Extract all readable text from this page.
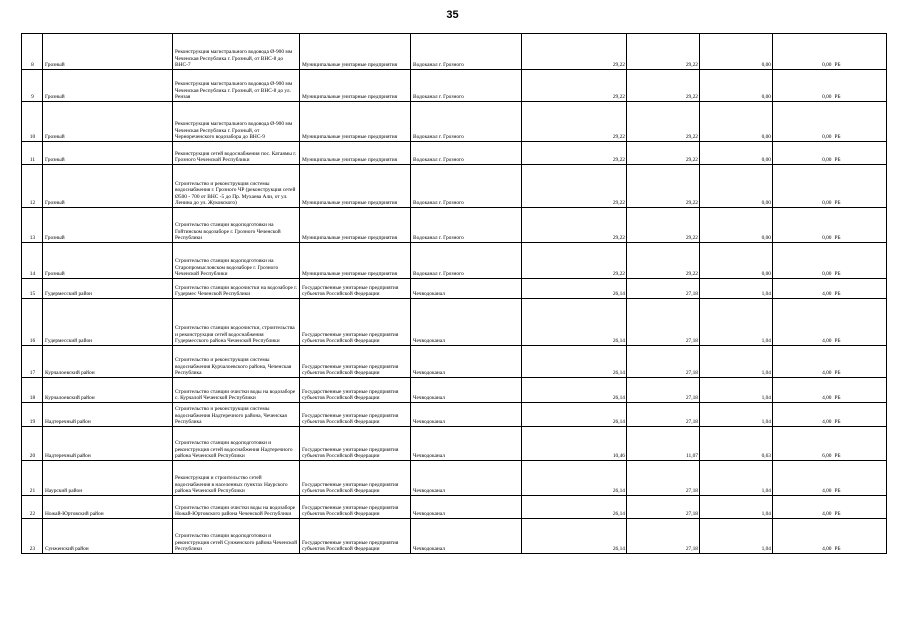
35
8	Грозный	Реконструкция магистрального водовода Ø-900 мм Чеченская Республика г. Грозный, от ВНС-8 до ВНС-7	Муниципальные унитарные предприятия	Водоканал г. Грозного	29,22	29,22	0,00	0,00	РБ
9	Грозный	Реконструкция магистрального водовода Ø-900 мм Чеченская Республика г. Грозный, от ВНС-8 до ул. Рензая	Муниципальные унитарные предприятия	Водоканал г. Грозного	29,22	29,22	0,00	0,00	РБ
10	Грозный	Реконструкция магистрального водовода Ø-900 мм Чеченская Республика г. Грозный, от Чернореченского водозабора до ВНС-9	Муниципальные унитарные предприятия	Водоканал г. Грозного	29,22	29,22	0,00	0,00	РБ
11	Грозный	Реконструкция сетей водоснабжения пос. Катаямы г. Грозного Чеченской Республики	Муниципальные унитарные предприятия	Водоканал г. Грозного	29,22	29,22	0,00	0,00	РБ
12	Грозный	Строительство и реконструкция системы водоснабжения г. Грозного ЧР (реконструкция сетей Ø500 - 700 от ВНС -5 до Пр. Мухаева Али, от ул. Ленина до ул. Жуковского)	Муниципальные унитарные предприятия	Водоканал г. Грозного	29,22	29,22	0,00	0,00	РБ
13	Грозный	Строительство станции водоподготовки на Гойтинском водозаборе г. Грозного Чеченской Республики	Муниципальные унитарные предприятия	Водоканал г. Грозного	29,22	29,22	0,00	0,00	РБ
14	Грозный	Строительство станции водоподготовки на Старопромысловском водозаборе г. Грозного Чеченской Республики	Муниципальные унитарные предприятия	Водоканал г. Грозного	29,22	29,22	0,00	0,00	РБ
15	Гудермесский район	Строительство станции водоочистки на водозаборе г. Гудермес Чеченской Республики	Государственные унитарные предприятия субъектов Российской Федерации	Чечводоканал	26,14	27,18	1,04	4,00	РБ
16	Гудермесский район	Строительство станции водоочистки, строительства и реконструкция сетей водоснабжения Гудермесского района Чеченской Республики	Государственные унитарные предприятия субъектов Российской Федерации	Чечводоканал	26,14	27,18	1,04	4,00	РБ
17	Курчалоевский район	Строительство и реконструкция системы водоснабжения Курчалоевского района, Чеченская Республика	Государственные унитарные предприятия субъектов Российской Федерации	Чечводоканал	26,14	27,18	1,04	4,00	РБ
18	Курчалоевский район	Строительство станции очистки воды на водозаборе с. Курчалой Чеченской Республики	Государственные унитарные предприятия субъектов Российской Федерации	Чечводоканал	26,14	27,18	1,04	4,00	РБ
19	Надтеречный район	Строительство и реконструкция системы водоснабжения Надтеречного района, Чеченская Республика	Государственные унитарные предприятия субъектов Российской Федерации	Чечводоканал	26,14	27,18	1,04	4,00	РБ
20	Надтеречный район	Строительство станции водоподготовки и реконструкция сетей водоснабжения Надтеречного района Чеченской Республики	Государственные унитарные предприятия субъектов Российской Федерации	Чечводоканал	10,46	11,07	0,63	6,00	РБ
21	Наурский район	Реконструкция и строительство сетей водоснабжения в населенных пунктах Наурского района Чеченской Республики	Государственные унитарные предприятия субъектов Российской Федерации	Чечводоканал	26,14	27,18	1,04	4,00	РБ
22	Ножай-Юртовский район	Строительство станции очистки воды на водозаборе Ножай-Юртовского района Чеченской Республики	Государственные унитарные предприятия субъектов Российской Федерации	Чечводоканал	26,14	27,18	1,04	4,00	РБ
23	Сунженский район	Строительство станции водоподготовки и реконструкция сетей Сунженского района Чеченской Республики	Государственные унитарные предприятия субъектов Российской Федерации	Чечводоканал	26,14	27,18	1,04	4,00	РБ
